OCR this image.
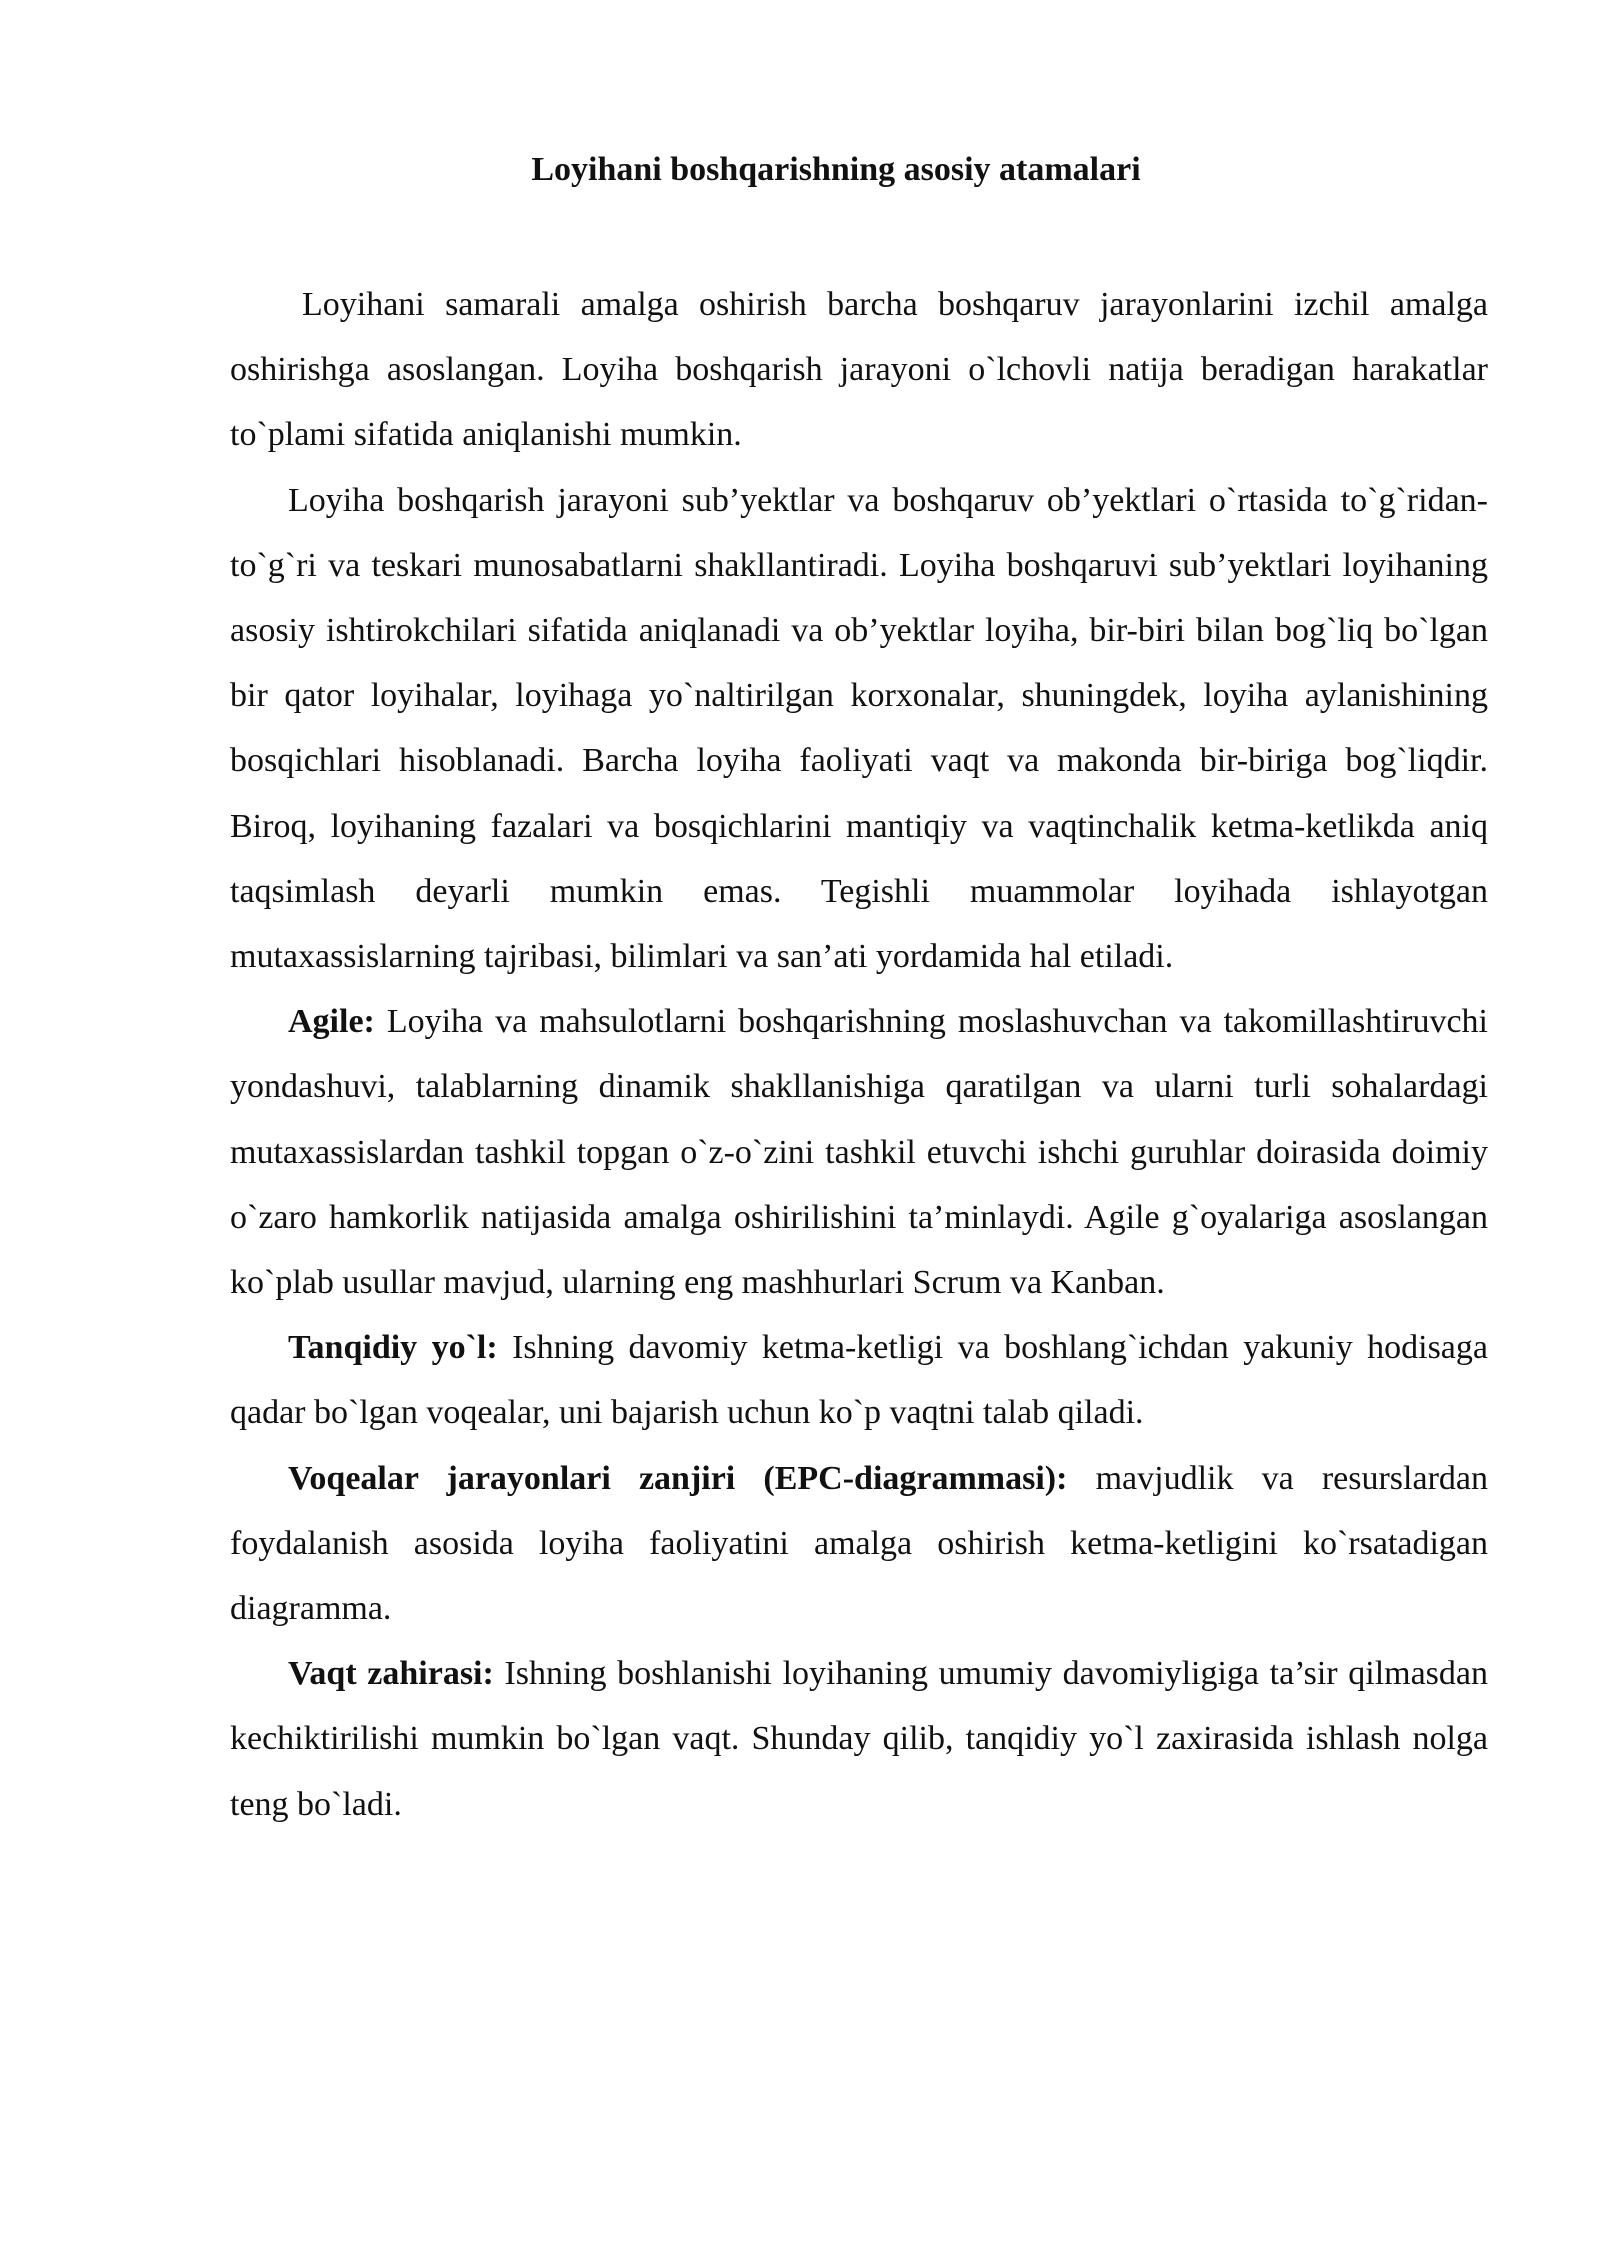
Loyihani boshqarishning asosiy atamalari

Loyihani samarali amalga oshirish barcha boshqaruv jarayonlarini izchil amalga oshirishga asoslangan. Loyiha boshqarish jarayoni o`lchovli natija beradigan harakatlar to`plami sifatida aniqlanishi mumkin.

Loyiha boshqarish jarayoni sub’yektlar va boshqaruv ob’yektlari o`rtasida to`g`ridan-to`g`ri va teskari munosabatlarni shakllantiradi. Loyiha boshqaruvi sub’yektlari loyihaning asosiy ishtirokchilari sifatida aniqlanadi va ob’yektlar loyiha, bir-biri bilan bog`liq bo`lgan bir qator loyihalar, loyihaga yo`naltirilgan korxonalar, shuningdek, loyiha aylanishining bosqichlari hisoblanadi. Barcha loyiha faoliyati vaqt va makonda bir-biriga bog`liqdir. Biroq, loyihaning fazalari va bosqichlarini mantiqiy va vaqtinchalik ketma-ketlikda aniq taqsimlash deyarli mumkin emas. Tegishli muammolar loyihada ishlayotgan mutaxassislarning tajribasi, bilimlari va san’ati yordamida hal etiladi.

Agile: Loyiha va mahsulotlarni boshqarishning moslashuvchan va takomillashtiruvchi yondashuvi, talablarning dinamik shakllanishiga qaratilgan va ularni turli sohalardagi mutaxassislardan tashkil topgan o`z-o`zini tashkil etuvchi ishchi guruhlar doirasida doimiy o`zaro hamkorlik natijasida amalga oshirilishini ta’minlaydi. Agile g`oyalariga asoslangan ko`plab usullar mavjud, ularning eng mashhurlari Scrum va Kanban.

Tanqidiy yo`l: Ishning davomiy ketma-ketligi va boshlang`ichdan yakuniy hodisaga qadar bo`lgan voqealar, uni bajarish uchun ko`p vaqtni talab qiladi.

Voqealar jarayonlari zanjiri (EPC-diagrammasi): mavjudlik va resurslardan foydalanish asosida loyiha faoliyatini amalga oshirish ketma-ketligini ko`rsatadigan diagramma.

Vaqt zahirasi: Ishning boshlanishi loyihaning umumiy davomiyligiga ta’sir qilmasdan kechiktirilishi mumkin bo`lgan vaqt. Shunday qilib, tanqidiy yo`l zaxirasida ishlash nolga teng bo`ladi.
